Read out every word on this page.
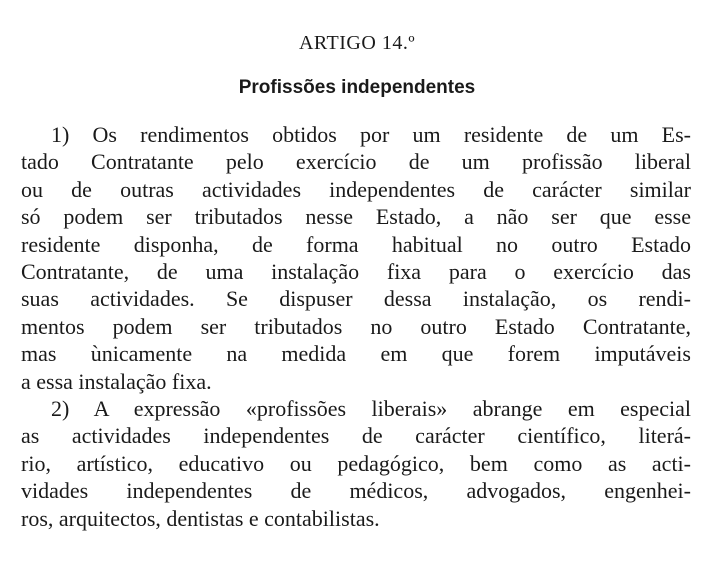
ARTIGO 14.º
Profissões independentes
1) Os rendimentos obtidos por um residente de um Es-
tado Contratante pelo exercício de um profissão liberal
ou de outras actividades independentes de carácter similar
só podem ser tributados nesse Estado, a não ser que esse
residente disponha, de forma habitual no outro Estado
Contratante, de uma instalação fixa para o exercício das
suas actividades. Se dispuser dessa instalação, os rendi-
mentos podem ser tributados no outro Estado Contratante,
mas ùnicamente na medida em que forem imputáveis
a essa instalação fixa.
2) A expressão «profissões liberais» abrange em especial
as actividades independentes de carácter científico, literá-
rio, artístico, educativo ou pedagógico, bem como as acti-
vidades independentes de médicos, advogados, engenhei-
ros, arquitectos, dentistas e contabilistas.
